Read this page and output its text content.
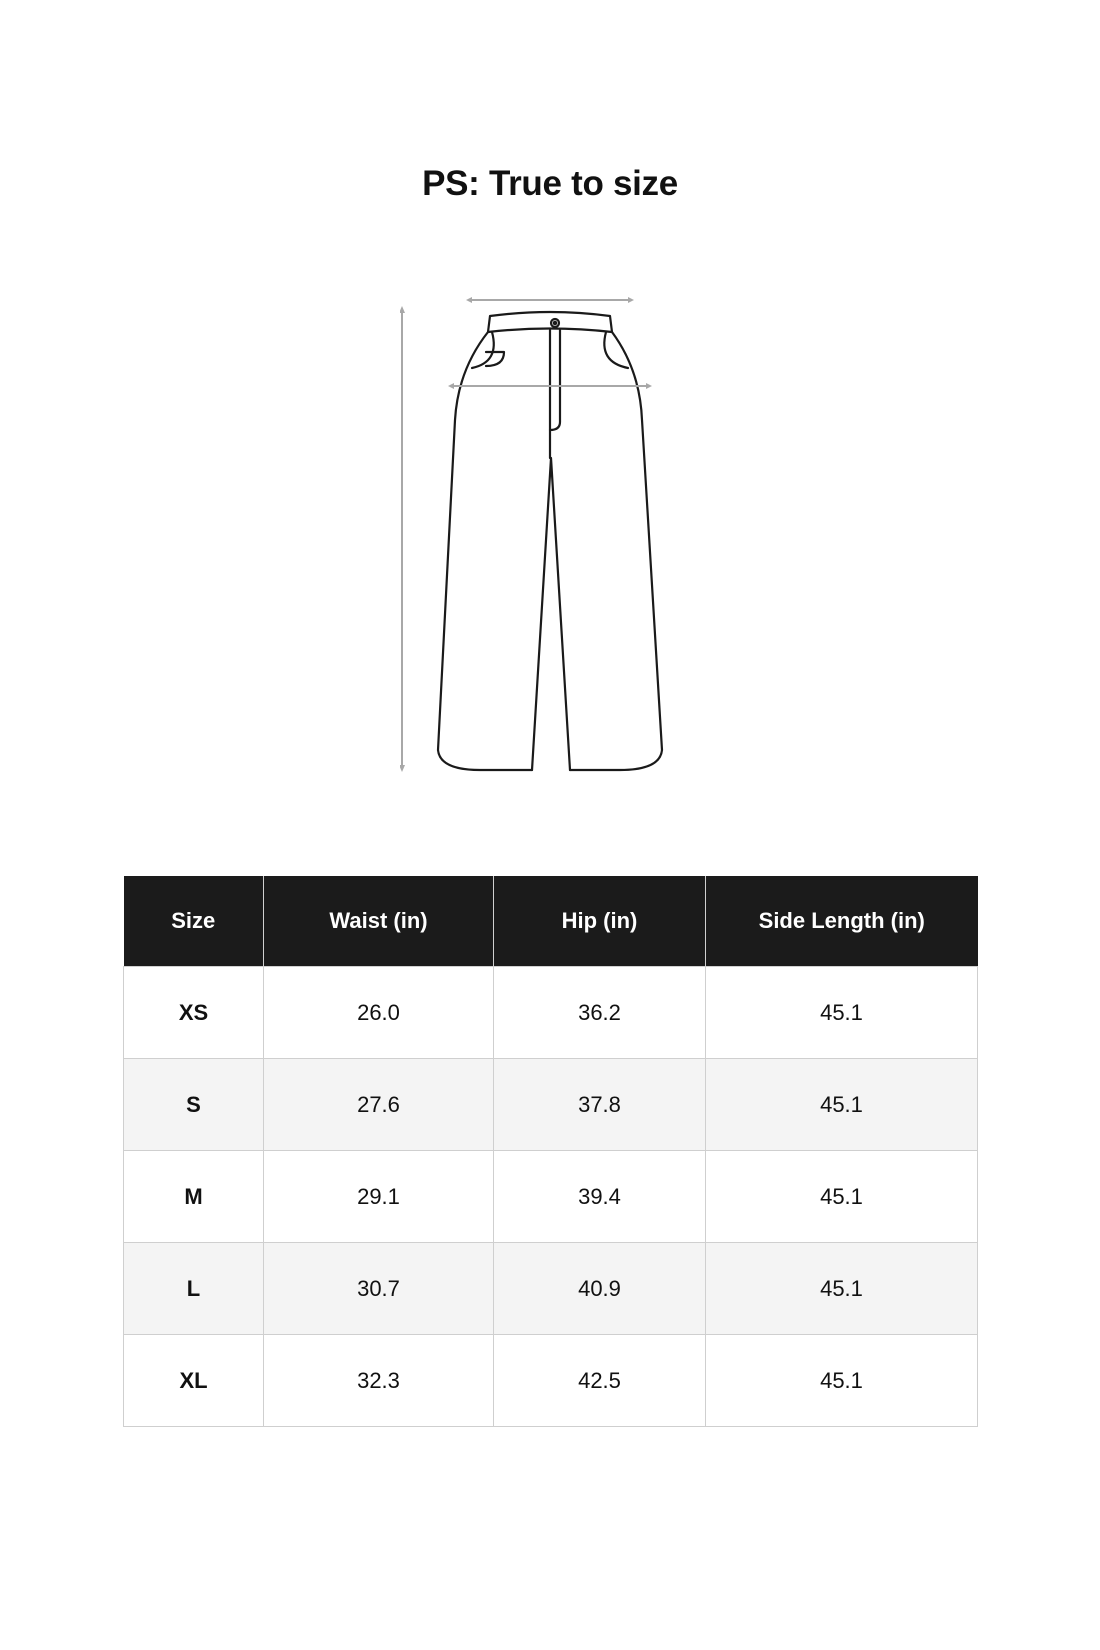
PS: True to size
Size	Waist (in)	Hip (in)	Side Length (in)
XS	26.0	36.2	45.1
S	27.6	37.8	45.1
M	29.1	39.4	45.1
L	30.7	40.9	45.1
XL	32.3	42.5	45.1
